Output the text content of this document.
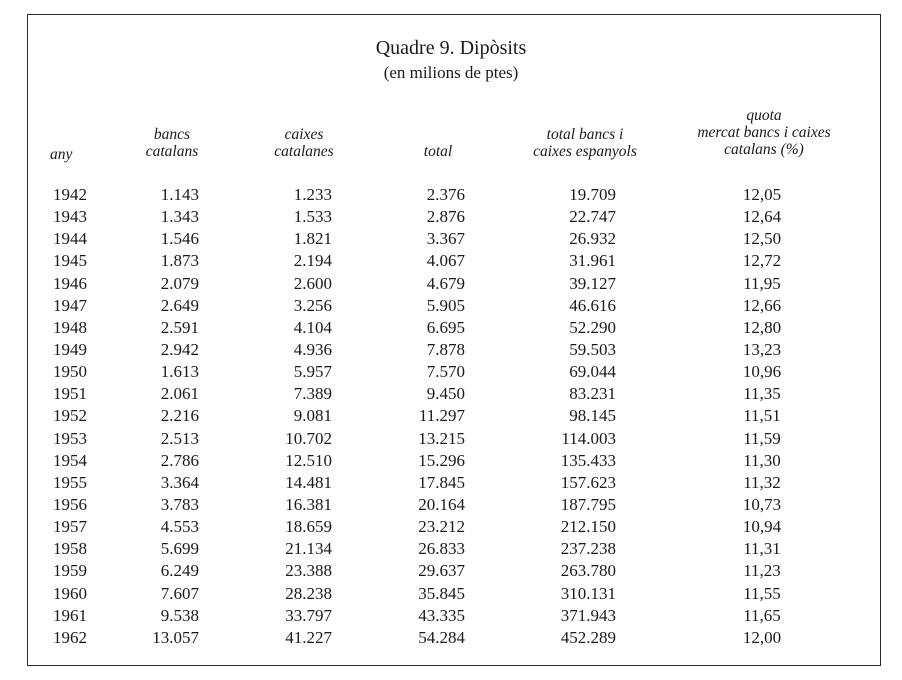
Quadre 9. Dipòsits
(en milions de ptes)
any
bancs
catalans
caixes
catalanes	total
total bancs i
caixes espanyols
quota
mercat bancs i caixes
catalans (%)
1942
1943
1944
1945
1946
1947
1948
1949
1950
1951
1952
1953
1954
1955
1956
1957
1958
1959
1960
1961
1962
1.143
1.343
1.546
1.873
2.079
2.649
2.591
2.942
1.613
2.061
2.216
2.513
2.786
3.364
3.783
4.553
5.699
6.249
7.607
9.538
13.057
1.233
1.533
1.821
2.194
2.600
3.256
4.104
4.936
5.957
7.389
9.081
10.702
12.510
14.481
16.381
18.659
21.134
23.388
28.238
33.797
41.227
2.376
2.876
3.367
4.067
4.679
5.905
6.695
7.878
7.570
9.450
11.297
13.215
15.296
17.845
20.164
23.212
26.833
29.637
35.845
43.335
54.284
19.709
22.747
26.932
31.961
39.127
46.616
52.290
59.503
69.044
83.231
98.145
114.003
135.433
157.623
187.795
212.150
237.238
263.780
310.131
371.943
452.289
12,05
12,64
12,50
12,72
11,95
12,66
12,80
13,23
10,96
11,35
11,51
11,59
11,30
11,32
10,73
10,94
11,31
11,23
11,55
11,65
12,00
